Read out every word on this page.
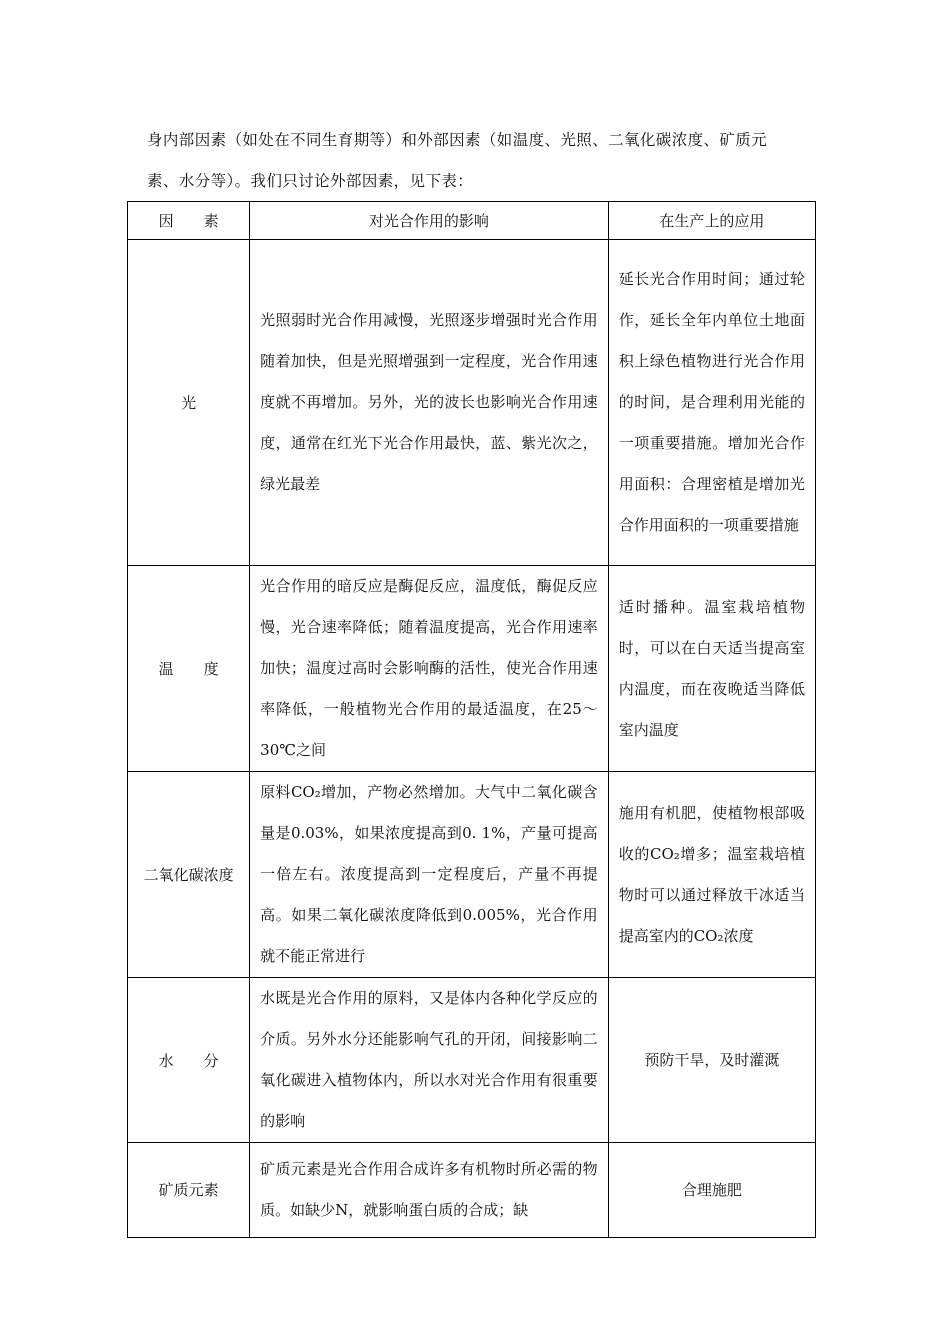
身内部因素（如处在不同生育期等）和外部因素（如温度、光照、二氧化碳浓度、矿质元

素、水分等）。我们只讨论外部因素，见下表：

因　　素	对光合作用的影响	在生产上的应用
光	光照弱时光合作用减慢，光照逐步增强时光合作用随着加快，但是光照增强到一定程度，光合作用速度就不再增加。另外，光的波长也影响光合作用速度，通常在红光下光合作用最快，蓝、紫光次之，绿光最差	延长光合作用时间；通过轮作，延长全年内单位土地面积上绿色植物进行光合作用的时间，是合理利用光能的一项重要措施。增加光合作用面积：合理密植是增加光合作用面积的一项重要措施
温　　度	光合作用的暗反应是酶促反应，温度低，酶促反应慢，光合速率降低；随着温度提高，光合作用速率加快；温度过高时会影响酶的活性，使光合作用速率降低，一般植物光合作用的最适温度，在25～30℃之间	适时播种。温室栽培植物时，可以在白天适当提高室内温度，而在夜晚适当降低室内温度
二氧化碳浓度	原料CO₂增加，产物必然增加。大气中二氧化碳含量是0.03%，如果浓度提高到0. 1%，产量可提高一倍左右。浓度提高到一定程度后，产量不再提高。如果二氧化碳浓度降低到0.005%，光合作用就不能正常进行	施用有机肥，使植物根部吸收的CO₂增多；温室栽培植物时可以通过释放干冰适当提高室内的CO₂浓度
水　　分	水既是光合作用的原料，又是体内各种化学反应的介质。另外水分还能影响气孔的开闭，间接影响二氧化碳进入植物体内，所以水对光合作用有很重要的影响	预防干旱，及时灌溉
矿质元素	矿质元素是光合作用合成许多有机物时所必需的物质。如缺少N，就影响蛋白质的合成；缺	合理施肥
